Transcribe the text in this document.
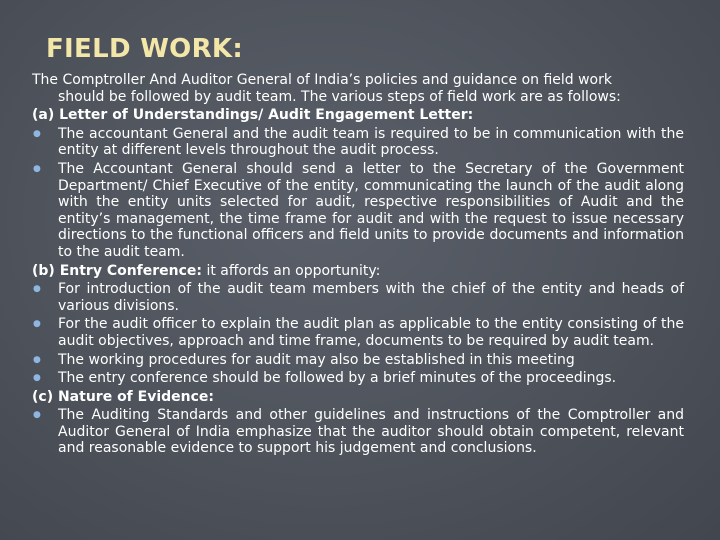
FIELD WORK:

The Comptroller And Auditor General of India’s policies and guidance on field work
should be followed by audit team. The various steps of field work are as follows:

(a) Letter of Understandings/ Audit Engagement Letter:

● The accountant General and the audit team is required to be in communication with the entity at different levels throughout the audit process.
● The Accountant General should send a letter to the Secretary of the Government Department/ Chief Executive of the entity, communicating the launch of the audit along with the entity units selected for audit, respective responsibilities of Audit and the entity’s management, the time frame for audit and with the request to issue necessary directions to the functional officers and field units to provide documents and information to the audit team.

(b) Entry Conference: it affords an opportunity:

● For introduction of the audit team members with the chief of the entity and heads of various divisions.
● For the audit officer to explain the audit plan as applicable to the entity consisting of the audit objectives, approach and time frame, documents to be required by audit team.
● The working procedures for audit may also be established in this meeting
● The entry conference should be followed by a brief minutes of the proceedings.

(c) Nature of Evidence:

● The Auditing Standards and other guidelines and instructions of the Comptroller and Auditor General of India emphasize that the auditor should obtain competent, relevant and reasonable evidence to support his judgement and conclusions.
